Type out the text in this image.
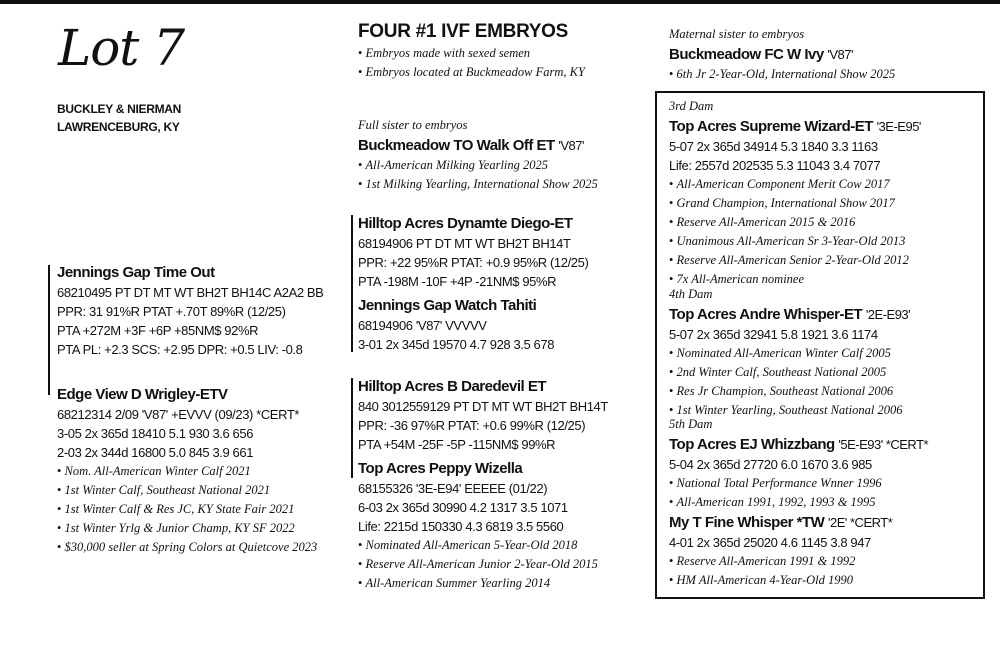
Lot 7
BUCKLEY & NIERMAN
LAWRENCEBURG, KY
Jennings Gap Time Out
68210495 PT DT MT WT BH2T BH14C A2A2 BB
PPR: 31 91%R PTAT +.70T 89%R (12/25)
PTA +272M +3F +6P +85NM$ 92%R
PTA PL: +2.3 SCS: +2.95 DPR: +0.5 LIV: -0.8
Edge View D Wrigley-ETV
68212314 2/09 'V87' +EVVV (09/23) *CERT*
3-05 2x 365d 18410 5.1 930 3.6 656
2-03 2x 344d 16800 5.0 845 3.9 661
• Nom. All-American Winter Calf 2021
• 1st Winter Calf, Southeast National 2021
• 1st Winter Calf & Res JC, KY State Fair 2021
• 1st Winter Yrlg & Junior Champ, KY SF 2022
• $30,000 seller at Spring Colors at Quietcove 2023
FOUR #1 IVF EMBRYOS
• Embryos made with sexed semen
• Embryos located at Buckmeadow Farm, KY
Full sister to embryos
Buckmeadow TO Walk Off ET 'V87'
• All-American Milking Yearling 2025
• 1st Milking Yearling, International Show 2025
Hilltop Acres Dynamte Diego-ET
68194906 PT DT MT WT BH2T BH14T
PPR: +22 95%R PTAT: +0.9 95%R (12/25)
PTA -198M -10F +4P -21NM$ 95%R
Jennings Gap Watch Tahiti
68194906 'V87' VVVVV
3-01 2x 345d 19570 4.7 928 3.5 678
Hilltop Acres B Daredevil ET
840 3012559129 PT DT MT WT BH2T BH14T
PPR: -36 97%R PTAT: +0.6 99%R (12/25)
PTA +54M -25F -5P -115NM$ 99%R
Top Acres Peppy Wizella
68155326 '3E-E94' EEEEE (01/22)
6-03 2x 365d 30990 4.2 1317 3.5 1071
Life: 2215d 150330 4.3 6819 3.5 5560
• Nominated All-American 5-Year-Old 2018
• Reserve All-American Junior 2-Year-Old 2015
• All-American Summer Yearling 2014
Maternal sister to embryos
Buckmeadow FC W Ivy 'V87'
• 6th Jr 2-Year-Old, International Show 2025
3rd Dam
Top Acres Supreme Wizard-ET '3E-E95'
5-07 2x 365d 34914 5.3 1840 3.3 1163
Life: 2557d 202535 5.3 11043 3.4 7077
• All-American Component Merit Cow 2017
• Grand Champion, International Show 2017
• Reserve All-American 2015 & 2016
• Unanimous All-American Sr 3-Year-Old 2013
• Reserve All-American Senior 2-Year-Old 2012
• 7x All-American nominee
4th Dam
Top Acres Andre Whisper-ET '2E-E93'
5-07 2x 365d 32941 5.8 1921 3.6 1174
• Nominated All-American Winter Calf 2005
• 2nd Winter Calf, Southeast National 2005
• Res Jr Champion, Southeast National 2006
• 1st Winter Yearling, Southeast National 2006
5th Dam
Top Acres EJ Whizzbang '5E-E93' *CERT*
5-04 2x 365d 27720 6.0 1670 3.6 985
• National Total Performance Wnner 1996
• All-American 1991, 1992, 1993 & 1995
My T Fine Whisper *TW '2E' *CERT*
4-01 2x 365d 25020 4.6 1145 3.8 947
• Reserve All-American 1991 & 1992
• HM All-American 4-Year-Old 1990
